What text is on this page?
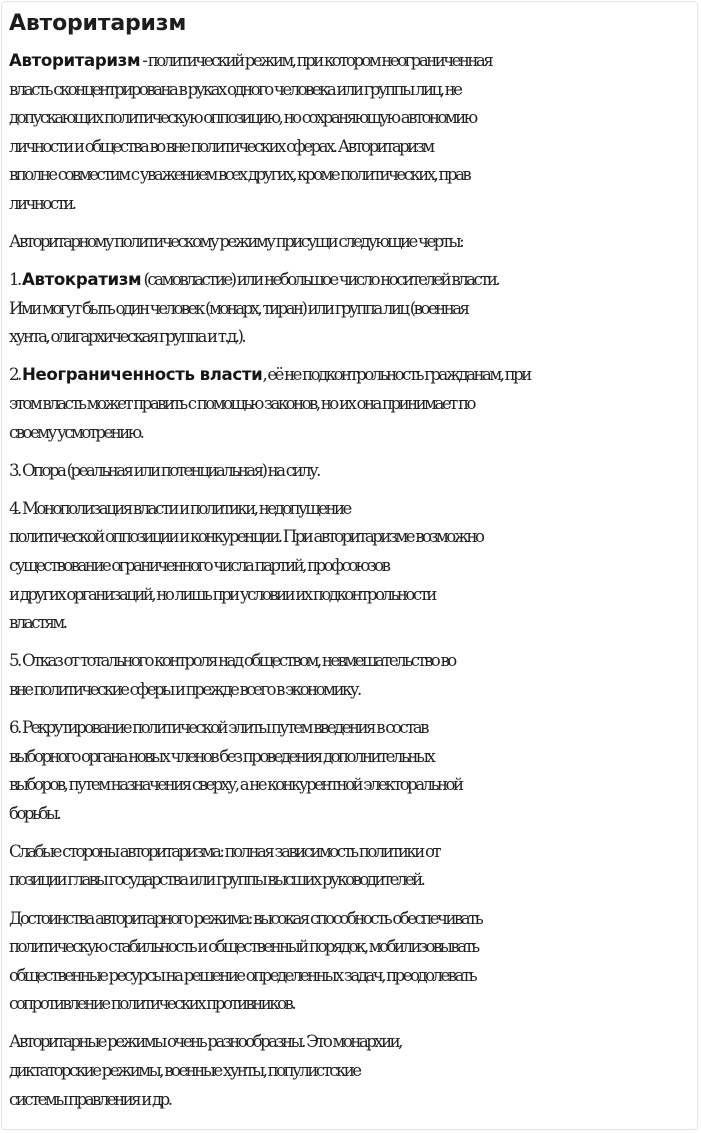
Авторитаризм

Авторитаризм - политический режим, при котором неограниченная
власть сконцентрирована в руках одного человека или группы лиц, не
допускающих политическую оппозицию, но сохраняющую автономию
личности и общества во вне политических сферах. Авторитаризм
вполне совместим с уважением всех других, кроме политических, прав
личности.

Авторитарному политическому режиму присущи следующие черты:

1. Автократизм (самовластие) или небольшое число носителей власти.
Ими могут быть один человек (монарх, тиран) или группа лиц (военная
хунта, олигархическая группа и т.д.).

2. Неограниченность власти, её не подконтрольность гражданам, при
этом власть может править с помощью законов, но их она принимает по
своему усмотрению.

3. Опора (реальная или потенциальная) на силу.

4. Монополизация власти и политики, недопущение
политической оппозиции и конкуренции. При авторитаризме возможно
существование ограниченного числа партий, профсоюзов
и других организаций, но лишь при условии их подконтрольности
властям.

5. Отказ от тотального контроля над обществом, невмешательство во
вне политические сферы и прежде всего в экономику.

6. Рекрутирование политической элиты путем введения в состав
выборного органа новых членов без проведения дополнительных
выборов, путем назначения сверху, а не конкурентной электоральной
борьбы.

Слабые стороны авторитаризма: полная зависимость политики от
позиции главы государства или группы высших руководителей.

Достоинства авторитарного режима: высокая способность обеспечивать
политическую стабильность и общественный порядок, мобилизовывать
общественные ресурсы на решение определенных задач, преодолевать
сопротивление политических противников.

Авторитарные режимы очень разнообразны. Это монархии,
диктаторские режимы, военные хунты, популистские
системы правления и др.
